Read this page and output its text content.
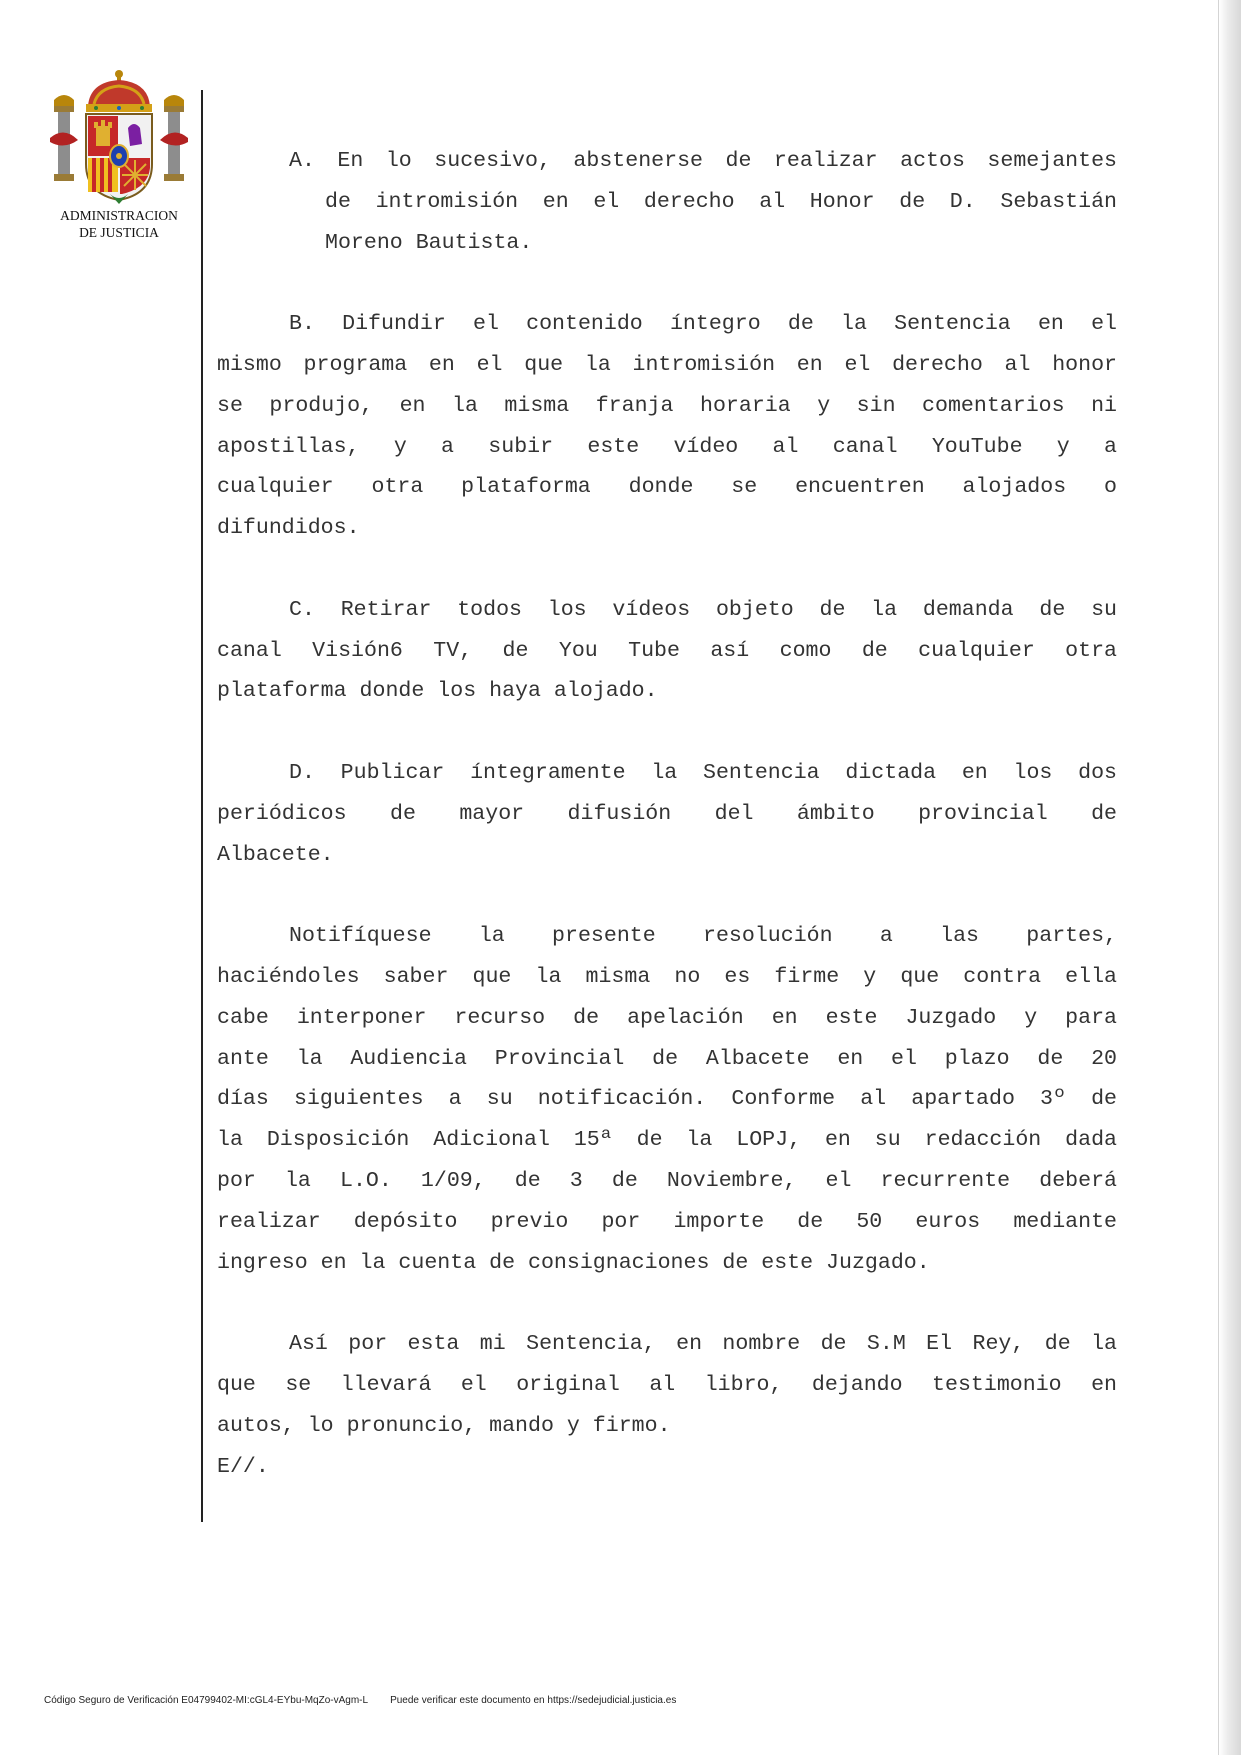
ADMINISTRACION
DE JUSTICIA
A. En lo sucesivo, abstenerse de realizar actos semejantes
de intromisión en el derecho al Honor de D. Sebastián
Moreno Bautista.
B. Difundir el contenido íntegro de la Sentencia en el
mismo programa en el que la intromisión en el derecho al honor
se produjo, en la misma franja horaria y sin comentarios ni
apostillas, y a subir este vídeo al canal YouTube y a
cualquier otra plataforma donde se encuentren alojados o
difundidos.
C. Retirar todos los vídeos objeto de la demanda de su
canal Visión6 TV, de You Tube así como de cualquier otra
plataforma donde los haya alojado.
D. Publicar íntegramente la Sentencia dictada en los dos
periódicos de mayor difusión del ámbito provincial de
Albacete.
Notifíquese la presente resolución a las partes,
haciéndoles saber que la misma no es firme y que contra ella
cabe interponer recurso de apelación en este Juzgado y para
ante la Audiencia Provincial de Albacete en el plazo de 20
días siguientes a su notificación. Conforme al apartado 3º de
la Disposición Adicional 15ª de la LOPJ, en su redacción dada
por la L.O. 1/09, de 3 de Noviembre, el recurrente deberá
realizar depósito previo por importe de 50 euros mediante
ingreso en la cuenta de consignaciones de este Juzgado.
Así por esta mi Sentencia, en nombre de S.M El Rey, de la
que se llevará el original al libro, dejando testimonio en
autos, lo pronuncio, mando y firmo.
E//.
Código Seguro de Verificación E04799402-MI:cGL4-EYbu-MqZo-vAgm-L Puede verificar este documento en https://sedejudicial.justicia.es
